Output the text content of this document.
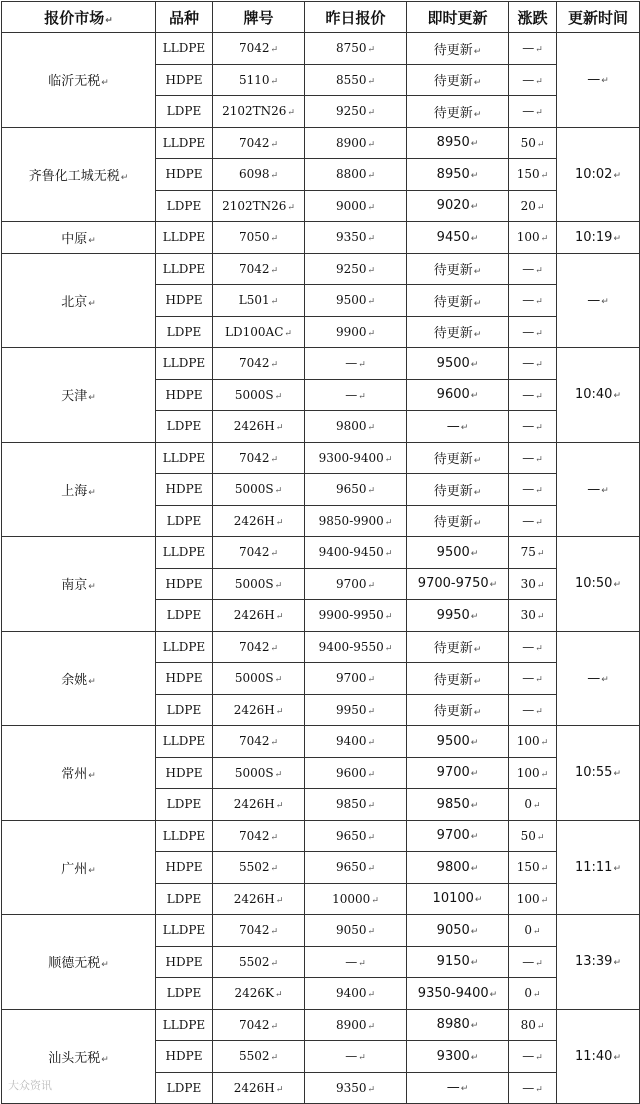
报价市场↵	品种	牌号	昨日报价	即时更新	涨跌	更新时间
临沂无税↵	LLDPE	7042↵	8750↵	待更新↵	—↵	—↵
	HDPE	5110↵	8550↵	待更新↵	—↵	
	LDPE	2102TN26↵	9250↵	待更新↵	—↵	
齐鲁化工城无税↵	LLDPE	7042↵	8900↵	8950↵	50↵	10:02↵
	HDPE	6098↵	8800↵	8950↵	150↵	
	LDPE	2102TN26↵	9000↵	9020↵	20↵	
中原↵	LLDPE	7050↵	9350↵	9450↵	100↵	10:19↵
北京↵	LLDPE	7042↵	9250↵	待更新↵	—↵	—↵
	HDPE	L501↵	9500↵	待更新↵	—↵	
	LDPE	LD100AC↵	9900↵	待更新↵	—↵	
天津↵	LLDPE	7042↵	—↵	9500↵	—↵	10:40↵
	HDPE	5000S↵	—↵	9600↵	—↵	
	LDPE	2426H↵	9800↵	—↵	—↵	
上海↵	LLDPE	7042↵	9300-9400↵	待更新↵	—↵	—↵
	HDPE	5000S↵	9650↵	待更新↵	—↵	
	LDPE	2426H↵	9850-9900↵	待更新↵	—↵	
南京↵	LLDPE	7042↵	9400-9450↵	9500↵	75↵	10:50↵
	HDPE	5000S↵	9700↵	9700-9750↵	30↵	
	LDPE	2426H↵	9900-9950↵	9950↵	30↵	
余姚↵	LLDPE	7042↵	9400-9550↵	待更新↵	—↵	—↵
	HDPE	5000S↵	9700↵	待更新↵	—↵	
	LDPE	2426H↵	9950↵	待更新↵	—↵	
常州↵	LLDPE	7042↵	9400↵	9500↵	100↵	10:55↵
	HDPE	5000S↵	9600↵	9700↵	100↵	
	LDPE	2426H↵	9850↵	9850↵	0↵	
广州↵	LLDPE	7042↵	9650↵	9700↵	50↵	11:11↵
	HDPE	5502↵	9650↵	9800↵	150↵	
	LDPE	2426H↵	10000↵	10100↵	100↵	
顺德无税↵	LLDPE	7042↵	9050↵	9050↵	0↵	13:39↵
	HDPE	5502↵	—↵	9150↵	—↵	
	LDPE	2426K↵	9400↵	9350-9400↵	0↵	
汕头无税↵	LLDPE	7042↵	8900↵	8980↵	80↵	11:40↵
	HDPE	5502↵	—↵	9300↵	—↵	
	LDPE	2426H↵	9350↵	—↵	—↵	
大众资讯
